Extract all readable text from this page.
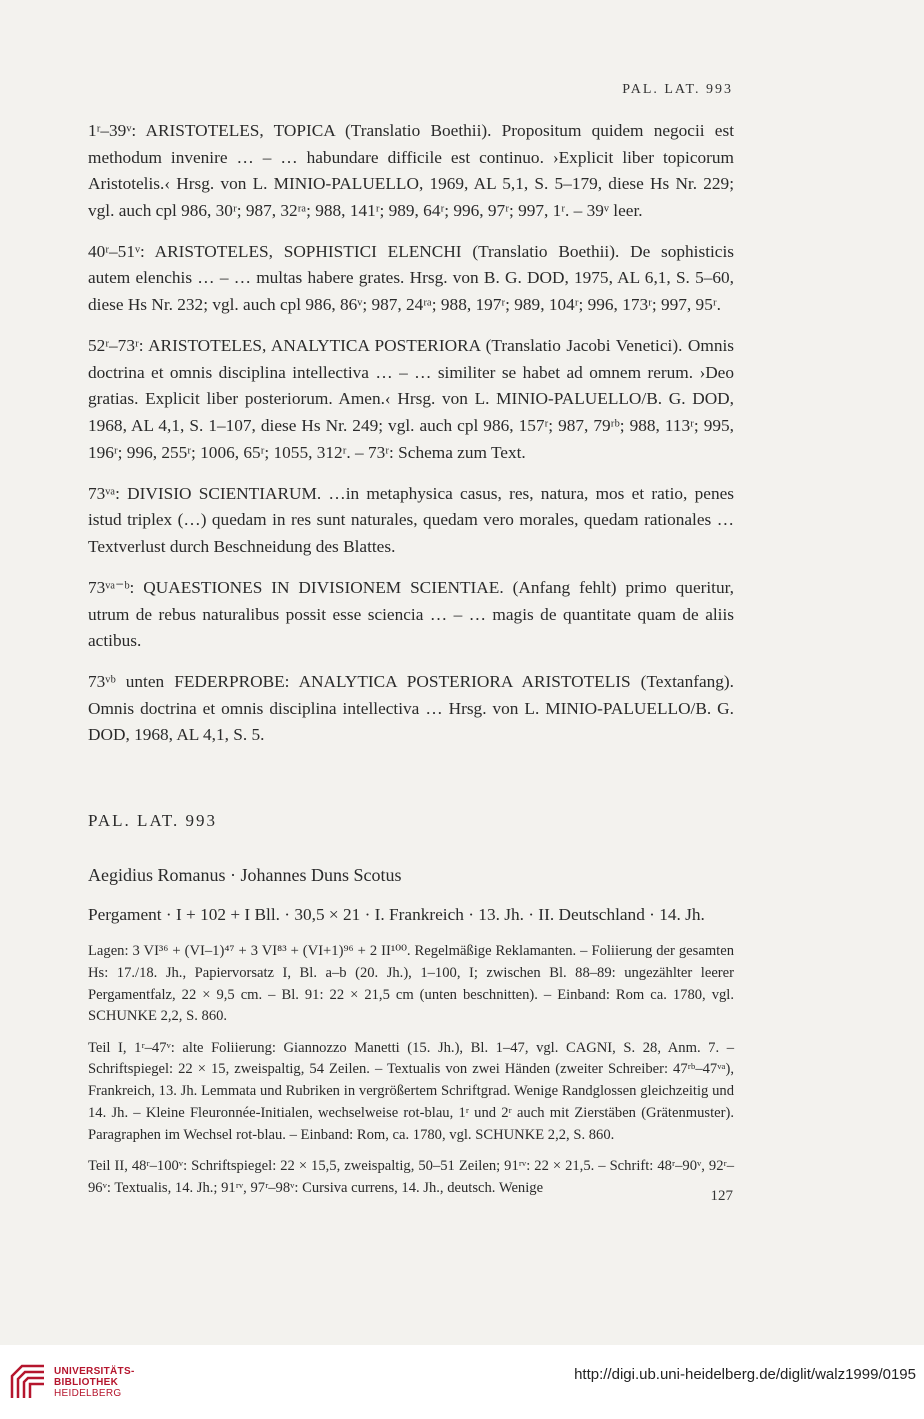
PAL. LAT. 993

1ʳ–39ᵛ: ARISTOTELES, TOPICA (Translatio Boethii). Propositum quidem negocii est methodum invenire … – … habundare difficile est continuo. ›Explicit liber topicorum Aristotelis.‹ Hrsg. von L. MINIO-PALUELLO, 1969, AL 5,1, S. 5–179, diese Hs Nr. 229; vgl. auch cpl 986, 30ʳ; 987, 32ʳᵃ; 988, 141ʳ; 989, 64ʳ; 996, 97ʳ; 997, 1ʳ. – 39ᵛ leer.

40ʳ–51ᵛ: ARISTOTELES, SOPHISTICI ELENCHI (Translatio Boethii). De sophisticis autem elenchis … – … multas habere grates. Hrsg. von B. G. DOD, 1975, AL 6,1, S. 5–60, diese Hs Nr. 232; vgl. auch cpl 986, 86ᵛ; 987, 24ʳᵃ; 988, 197ʳ; 989, 104ʳ; 996, 173ʳ; 997, 95ʳ.

52ʳ–73ʳ: ARISTOTELES, ANALYTICA POSTERIORA (Translatio Jacobi Venetici). Omnis doctrina et omnis disciplina intellectiva … – … similiter se habet ad omnem rerum. ›Deo gratias. Explicit liber posteriorum. Amen.‹ Hrsg. von L. MINIO-PALUELLO/B. G. DOD, 1968, AL 4,1, S. 1–107, diese Hs Nr. 249; vgl. auch cpl 986, 157ʳ; 987, 79ʳᵇ; 988, 113ʳ; 995, 196ʳ; 996, 255ʳ; 1006, 65ʳ; 1055, 312ʳ. – 73ʳ: Schema zum Text.

73ᵛᵃ: DIVISIO SCIENTIARUM. …in metaphysica casus, res, natura, mos et ratio, penes istud triplex (…) quedam in res sunt naturales, quedam vero morales, quedam rationales … Textverlust durch Beschneidung des Blattes.

73ᵛᵃ⁻ᵇ: QUAESTIONES IN DIVISIONEM SCIENTIAE. (Anfang fehlt) primo queritur, utrum de rebus naturalibus possit esse sciencia … – … magis de quantitate quam de aliis actibus.

73ᵛᵇ unten FEDERPROBE: ANALYTICA POSTERIORA ARISTOTELIS (Textanfang). Omnis doctrina et omnis disciplina intellectiva … Hrsg. von L. MINIO-PALUELLO/B. G. DOD, 1968, AL 4,1, S. 5.

PAL. LAT. 993
Aegidius Romanus · Johannes Duns Scotus

Pergament · I + 102 + I Bll. · 30,5 × 21 · I. Frankreich · 13. Jh. · II. Deutschland · 14. Jh.

Lagen: 3 VI³⁶ + (VI–1)⁴⁷ + 3 VI⁸³ + (VI+1)⁹⁶ + 2 II¹⁰⁰. Regelmäßige Reklamanten. – Foliierung der gesamten Hs: 17./18. Jh., Papiervorsatz I, Bl. a–b (20. Jh.), 1–100, I; zwischen Bl. 88–89: ungezählter leerer Pergamentfalz, 22 × 9,5 cm. – Bl. 91: 22 × 21,5 cm (unten beschnitten). – Einband: Rom ca. 1780, vgl. SCHUNKE 2,2, S. 860.

Teil I, 1ʳ–47ᵛ: alte Foliierung: Giannozzo Manetti (15. Jh.), Bl. 1–47, vgl. CAGNI, S. 28, Anm. 7. – Schriftspiegel: 22 × 15, zweispaltig, 54 Zeilen. – Textualis von zwei Händen (zweiter Schreiber: 47ʳᵇ–47ᵛᵃ), Frankreich, 13. Jh. Lemmata und Rubriken in vergrößertem Schriftgrad. Wenige Randglossen gleichzeitig und 14. Jh. – Kleine Fleuronnée-Initialen, wechselweise rot-blau, 1ʳ und 2ʳ auch mit Zierstäben (Grätenmuster). Paragraphen im Wechsel rot-blau. – Einband: Rom, ca. 1780, vgl. SCHUNKE 2,2, S. 860.

Teil II, 48ʳ–100ᵛ: Schriftspiegel: 22 × 15,5, zweispaltig, 50–51 Zeilen; 91ʳᵛ: 22 × 21,5. – Schrift: 48ʳ–90ᵛ, 92ʳ–96ᵛ: Textualis, 14. Jh.; 91ʳᵛ, 97ʳ–98ᵛ: Cursiva currens, 14. Jh., deutsch. Wenige

127
UNIVERSITÄTS-
BIBLIOTHEK
HEIDELBERG
http://digi.ub.uni-heidelberg.de/diglit/walz1999/0195
